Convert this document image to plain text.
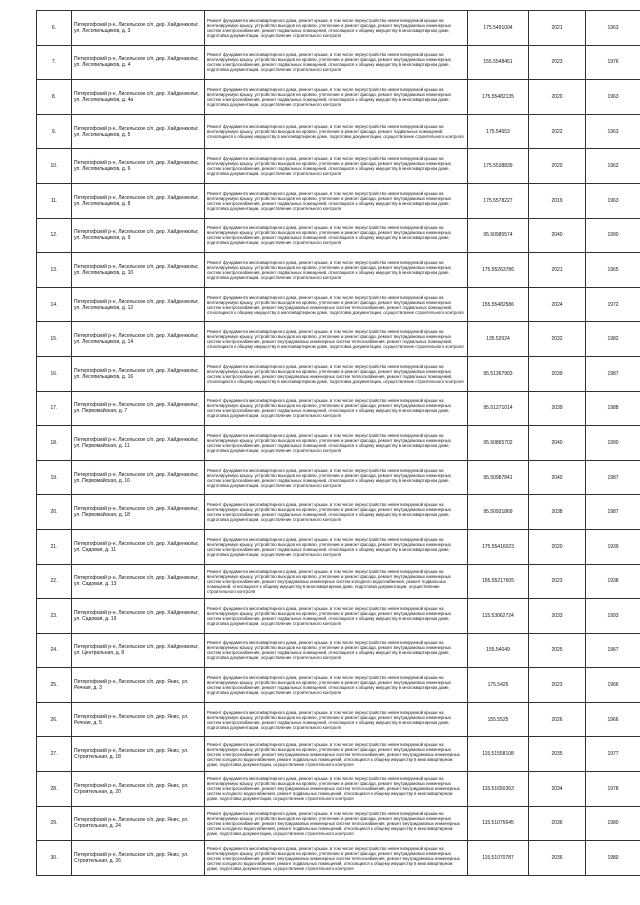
6.	Петергофский р-н, Лисельское с/п, дер. Хайденкюльт, ул. Лесопильщиков, д. 3	Ремонт фундамента многоквартирного дома, ремонт крыши, в том числе переустройство невентилируемой крыши на вентилируемую крышу, устройство выходов на кровлю, утепление и ремонт фасада, ремонт внутридомовых инженерных систем электроснабжения, ремонт подвальных помещений, относящихся к общему имуществу в многоквартирном доме, подготовка документации, осуществление строительного контроля	175.5491004	2021	1963
7.	Петергофский р-н, Лисельское с/п, дер. Хайденкюльт, ул. Лесопильщиков, д. 4	Ремонт фундамента многоквартирного дома, ремонт крыши, в том числе переустройство невентилируемой крыши на вентилируемую крышу, устройство выходов на кровлю, утепление и ремонт фасада, ремонт внутридомовых инженерных систем электроснабжения, ремонт подвальных помещений, относящихся к общему имуществу в многоквартирном доме, подготовка документации, осуществление строительного контроля	155.5548451	2023	1976
8.	Петергофский р-н, Лисельское с/п, дер. Хайденкюльт, ул. Лесопильщиков, д. 4а	Ремонт фундамента многоквартирного дома, ремонт крыши, в том числе переустройство невентилируемой крыши на вентилируемую крышу, устройство выходов на кровлю, утепление и ремонт фасада, ремонт внутридомовых инженерных систем электроснабжения, ремонт подвальных помещений, относящихся к общему имуществу в многоквартирном доме, подготовка документации, осуществление строительного контроля	175.55482135	2020	1963
9.	Петергофский р-н, Лисельское с/п, дер. Хайденкюльт, ул. Лесопильщиков, д. 5	Ремонт фундамента многоквартирного дома, ремонт крыши, в том числе переустройство невентилируемой крыши на вентилируемую крышу, устройство выходов на кровлю, утепление и ремонт фасада, ремонт подвальных помещений, относящихся к общему имуществу в многоквартирном доме, подготовка документации, осуществление строительного контроля	175.54653	2022	1963
10.	Петергофский р-н, Лисельское с/п, дер. Хайденкюльт, ул. Лесопильщиков, д. 6	Ремонт фундамента многоквартирного дома, ремонт крыши, в том числе переустройство невентилируемой крыши на вентилируемую крышу, устройство выходов на кровлю, утепление и ремонт фасада, ремонт внутридомовых инженерных систем электроснабжения, ремонт подвальных помещений, относящихся к общему имуществу в многоквартирном доме, подготовка документации, осуществление строительного контроля	175.5538839	2020	1962
11.	Петергофский р-н, Лисельское с/п, дер. Хайденкюльт, ул. Лесопильщиков, д. 8	Ремонт фундамента многоквартирного дома, ремонт крыши, в том числе переустройство невентилируемой крыши на вентилируемую крышу, устройство выходов на кровлю, утепление и ремонт фасада, ремонт внутридомовых инженерных систем электроснабжения, ремонт подвальных помещений, относящихся к общему имуществу в многоквартирном доме, подготовка документации, осуществление строительного контроля	175.5578227	2019	1963
12.	Петергофский р-н, Лисельское с/п, дер. Хайденкюльт, ул. Лесопильщиков, д. 9	Ремонт фундамента многоквартирного дома, ремонт крыши, в том числе переустройство невентилируемой крыши на вентилируемую крышу, устройство выходов на кровлю, утепление и ремонт фасада, ремонт внутридомовых инженерных систем электроснабжения, ремонт подвальных помещений, относящихся к общему имуществу в многоквартирном доме, подготовка документации, осуществление строительного контроля	95.50985574	2040	1990
13.	Петергофский р-н, Лисельское с/п, дер. Хайденкюльт, ул. Лесопильщиков, д. 10	Ремонт фундамента многоквартирного дома, ремонт крыши, в том числе переустройство невентилируемой крыши на вентилируемую крышу, устройство выходов на кровлю, утепление и ремонт фасада, ремонт внутридомовых инженерных систем электроснабжения, ремонт подвальных помещений, относящихся к общему имуществу в многоквартирном доме, подготовка документации, осуществление строительного контроля	175.55263786	2021	1965
14.	Петергофский р-н, Лисельское с/п, дер. Хайденкюльт, ул. Лесопильщиков, д. 12	Ремонт фундамента многоквартирного дома, ремонт крыши, в том числе переустройство невентилируемой крыши на вентилируемую крышу, устройство выходов на кровлю, утепление и ремонт фасада, ремонт внутридомовых инженерных систем электроснабжения, ремонт внутридомовых инженерных систем теплоснабжения, ремонт подвальных помещений, относящихся к общему имуществу в многоквартирном доме, подготовка документации, осуществление строительного контроля	155.55482586	2024	1972
15.	Петергофский р-н, Лисельское с/п, дер. Хайденкюльт, ул. Лесопильщиков, д. 14	Ремонт фундамента многоквартирного дома, ремонт крыши, в том числе переустройство невентилируемой крыши на вентилируемую крышу, устройство выходов на кровлю, утепление и ремонт фасада, ремонт внутридомовых инженерных систем электроснабжения, ремонт внутридомовых инженерных систем теплоснабжения, ремонт подвальных помещений, относящихся к общему имуществу в многоквартирном доме, подготовка документации, осуществление строительного контроля	135.52024	2032	1982
16.	Петергофский р-н, Лисельское с/п, дер. Хайденкюльт, ул. Лесопильщиков, д. 16	Ремонт фундамента многоквартирного дома, ремонт крыши, в том числе переустройство невентилируемой крыши на вентилируемую крышу, устройство выходов на кровлю, утепление и ремонт фасада, ремонт внутридомовых инженерных систем электроснабжения, ремонт внутридомовых инженерных систем теплоснабжения, ремонт подвальных помещений, относящихся к общему имуществу в многоквартирном доме, подготовка документации, осуществление строительного контроля	95.51367903	2039	1987
17.	Петергофский р-н, Лисельское с/п, дер. Хайденкюльт, ул. Первомайская, д. 7	Ремонт фундамента многоквартирного дома, ремонт крыши, в том числе переустройство невентилируемой крыши на вентилируемую крышу, устройство выходов на кровлю, утепление и ремонт фасада, ремонт внутридомовых инженерных систем электроснабжения, ремонт подвальных помещений, относящихся к общему имуществу в многоквартирном доме, подготовка документации, осуществление строительного контроля	95.51271014	2039	1988
18.	Петергофский р-н, Лисельское с/п, дер. Хайденкюльт, ул. Первомайская, д. 11	Ремонт фундамента многоквартирного дома, ремонт крыши, в том числе переустройство невентилируемой крыши на вентилируемую крышу, устройство выходов на кровлю, утепление и ремонт фасада, ремонт внутридомовых инженерных систем электроснабжения, ремонт подвальных помещений, относящихся к общему имуществу в многоквартирном доме, подготовка документации, осуществление строительного контроля	95.50865702	2040	1990
19.	Петергофский р-н, Лисельское с/п, дер. Хайденкюльт, ул. Первомайская, д. 16	Ремонт фундамента многоквартирного дома, ремонт крыши, в том числе переустройство невентилируемой крыши на вентилируемую крышу, устройство выходов на кровлю, утепление и ремонт фасада, ремонт внутридомовых инженерных систем электроснабжения, ремонт подвальных помещений, относящихся к общему имуществу в многоквартирном доме, подготовка документации, осуществление строительного контроля	95.50987841	2040	1987
20.	Петергофский р-н, Лисельское с/п, дер. Хайденкюльт, ул. Первомайская, д. 18	Ремонт фундамента многоквартирного дома, ремонт крыши, в том числе переустройство невентилируемой крыши на вентилируемую крышу, устройство выходов на кровлю, утепление и ремонт фасада, ремонт внутридомовых инженерных систем электроснабжения, ремонт подвальных помещений, относящихся к общему имуществу в многоквартирном доме, подготовка документации, осуществление строительного контроля	95.50921869	2038	1987
21.	Петергофский р-н, Лисельское с/п, дер. Хайденкюльт, ул. Садовая, д. 11	Ремонт фундамента многоквартирного дома, ремонт крыши, в том числе переустройство невентилируемой крыши на вентилируемую крышу, устройство выходов на кровлю, утепление и ремонт фасада, ремонт внутридомовых инженерных систем электроснабжения, ремонт подвальных помещений, относящихся к общему имуществу в многоквартирном доме, подготовка документации, осуществление строительного контроля	175.55416023	2020	1939
22.	Петергофский р-н, Лисельское с/п, дер. Хайденкюльт, ул. Садовая, д. 13	Ремонт фундамента многоквартирного дома, ремонт крыши, в том числе переустройство невентилируемой крыши на вентилируемую крышу, устройство выходов на кровлю, утепление и ремонт фасада, ремонт внутридомовых инженерных систем электроснабжения, ремонт внутридомовых инженерных систем холодного водоснабжения, ремонт подвальных помещений, относящихся к общему имуществу в многоквартирном доме, подготовка документации, осуществление строительного контроля	155.55217605	2023	1938
23.	Петергофский р-н, Лисельское с/п, дер. Хайденкюльт, ул. Садовая, д. 19	Ремонт фундамента многоквартирного дома, ремонт крыши, в том числе переустройство невентилируемой крыши на вентилируемую крышу, устройство выходов на кровлю, утепление и ремонт фасада, ремонт внутридомовых инженерных систем электроснабжения, ремонт подвальных помещений, относящихся к общему имуществу в многоквартирном доме, подготовка документации, осуществление строительного контроля	115.53062724	2033	1993
24.	Петергофский р-н, Лисельское с/п, дер. Хайденкюльт, ул. Центральная, д. 8	Ремонт фундамента многоквартирного дома, ремонт крыши, в том числе переустройство невентилируемой крыши на вентилируемую крышу, устройство выходов на кровлю, утепление и ремонт фасада, ремонт внутридомовых инженерных систем электроснабжения, ремонт подвальных помещений, относящихся к общему имуществу в многоквартирном доме, подготовка документации, осуществление строительного контроля	155.54049	2025	1967
25.	Петергофский р-н, Лисельское с/п, дер. Янис, ул. Речная, д. 3	Ремонт фундамента многоквартирного дома, ремонт крыши, в том числе переустройство невентилируемой крыши на вентилируемую крышу, устройство выходов на кровлю, утепление и ремонт фасада, ремонт внутридомовых инженерных систем электроснабжения, ремонт подвальных помещений, относящихся к общему имуществу в многоквартирном доме, подготовка документации, осуществление строительного контроля	175.5425	2023	1966
26.	Петергофский р-н, Лисельское с/п, дер. Янис, ул. Речная, д. 5	Ремонт фундамента многоквартирного дома, ремонт крыши, в том числе переустройство невентилируемой крыши на вентилируемую крышу, устройство выходов на кровлю, утепление и ремонт фасада, ремонт внутридомовых инженерных систем электроснабжения, ремонт подвальных помещений, относящихся к общему имуществу в многоквартирном доме, подготовка документации, осуществление строительного контроля	155.5525	2026	1966
27.	Петергофский р-н, Лисельское с/п, дер. Янис, ул. Строительная, д. 18	Ремонт фундамента многоквартирного дома, ремонт крыши, в том числе переустройство невентилируемой крыши на вентилируемую крышу, устройство выходов на кровлю, утепление и ремонт фасада, ремонт внутридомовых инженерных систем электроснабжения, ремонт внутридомовых инженерных систем теплоснабжения, ремонт внутридомовых инженерных систем холодного водоснабжения, ремонт подвальных помещений, относящихся к общему имуществу в многоквартирном доме, подготовка документации, осуществление строительного контроля	115.51558108	2035	1977
28.	Петергофский р-н, Лисельское с/п, дер. Янис, ул. Строительная, д. 20	Ремонт фундамента многоквартирного дома, ремонт крыши, в том числе переустройство невентилируемой крыши на вентилируемую крышу, устройство выходов на кровлю, утепление и ремонт фасада, ремонт внутридомовых инженерных систем электроснабжения, ремонт внутридомовых инженерных систем теплоснабжения, ремонт внутридомовых инженерных систем холодного водоснабжения, ремонт подвальных помещений, относящихся к общему имуществу в многоквартирном доме, подготовка документации, осуществление строительного контроля	115.51650363	2034	1978
29.	Петергофский р-н, Лисельское с/п, дер. Янис, ул. Строительная, д. 24	Ремонт фундамента многоквартирного дома, ремонт крыши, в том числе переустройство невентилируемой крыши на вентилируемую крышу, устройство выходов на кровлю, утепление и ремонт фасада, ремонт внутридомовых инженерных систем электроснабжения, ремонт внутридомовых инженерных систем теплоснабжения, ремонт внутридомовых инженерных систем холодного водоснабжения, ремонт подвальных помещений, относящихся к общему имуществу в многоквартирном доме, подготовка документации, осуществление строительного контроля	115.51075645	2036	1980
30.	Петергофский р-н, Лисельское с/п, дер. Янис, ул. Строительная, д. 26	Ремонт фундамента многоквартирного дома, ремонт крыши, в том числе переустройство невентилируемой крыши на вентилируемую крышу, устройство выходов на кровлю, утепление и ремонт фасада, ремонт внутридомовых инженерных систем электроснабжения, ремонт внутридомовых инженерных систем теплоснабжения, ремонт внутридомовых инженерных систем холодного водоснабжения, ремонт подвальных помещений, относящихся к общему имуществу в многоквартирном доме, подготовка документации, осуществление строительного контроля	115.51070787	2036	1980
